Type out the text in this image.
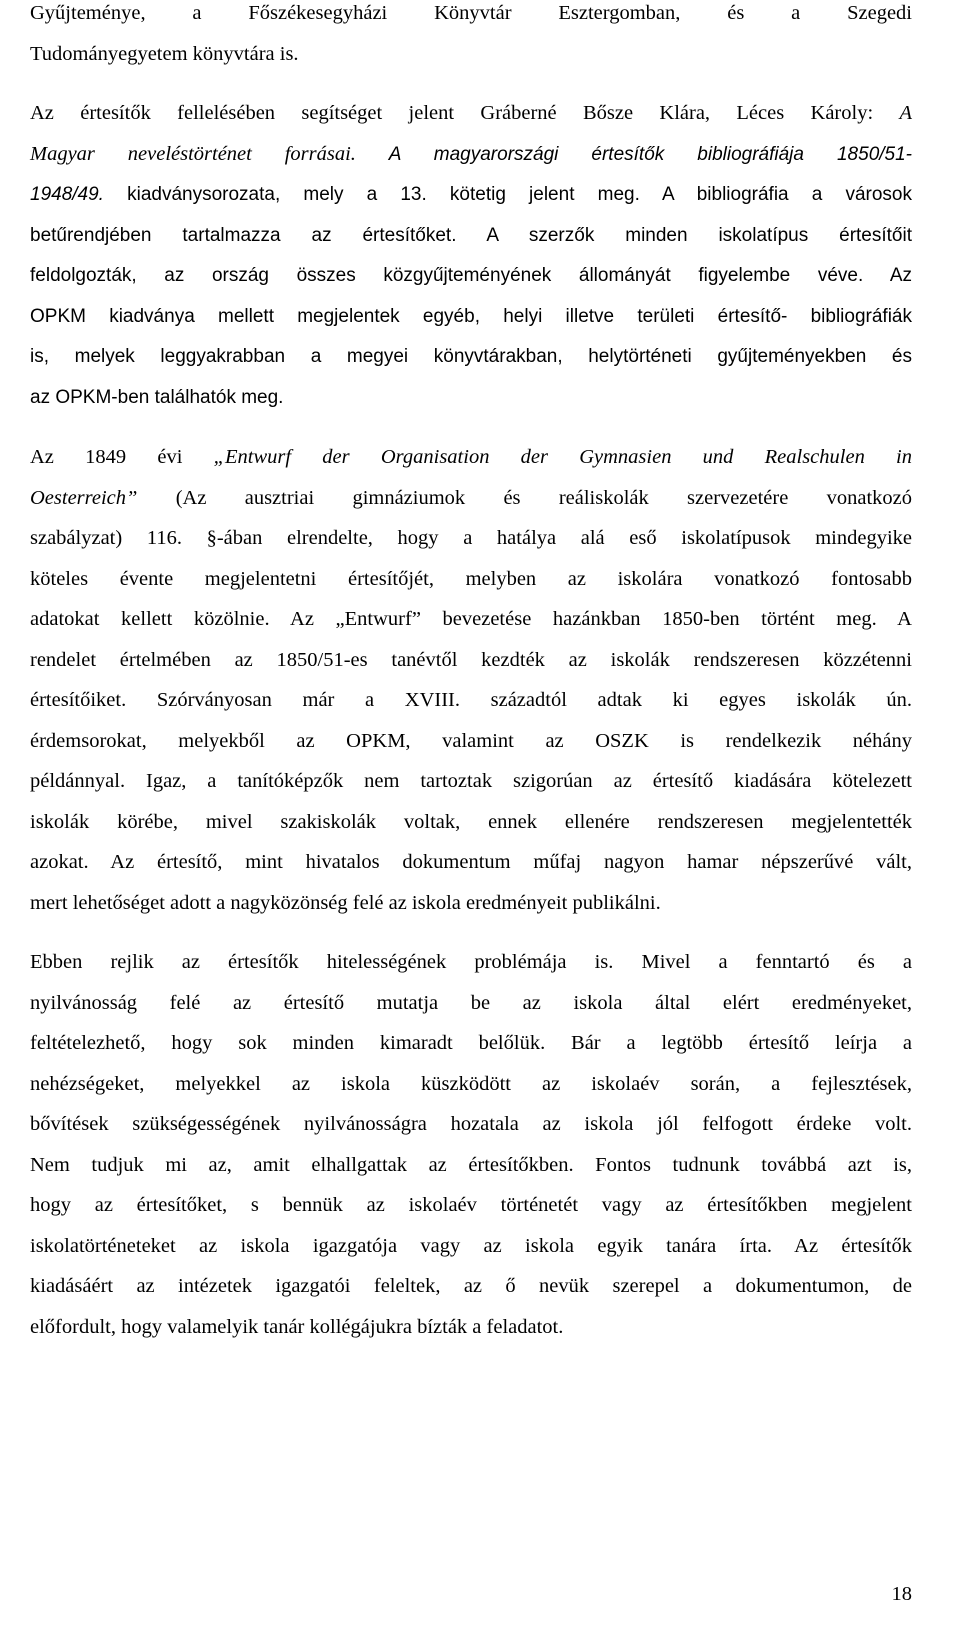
Gyűjteménye, a Főszékesegyházi Könyvtár Esztergomban, és a Szegedi
Tudományegyetem könyvtára is.

Az értesítők fellelésében segítséget jelent Gráberné Bősze Klára, Léces Károly: A
Magyar neveléstörténet forrásai. A magyarországi értesítők bibliográfiája 1850/51-
1948/49. kiadványsorozata, mely a 13. kötetig jelent meg. A bibliográfia a városok
betűrendjében tartalmazza az értesítőket. A szerzők minden iskolatípus értesítőit
feldolgozták, az ország összes közgyűjteményének állományát figyelembe véve. Az
OPKM kiadványa mellett megjelentek egyéb, helyi illetve területi értesítő- bibliográfiák
is, melyek leggyakrabban a megyei könyvtárakban, helytörténeti gyűjteményekben és
az OPKM-ben találhatók meg.

Az 1849 évi „Entwurf der Organisation der Gymnasien und Realschulen in
Oesterreich” (Az ausztriai gimnáziumok és reáliskolák szervezetére vonatkozó
szabályzat) 116. §-ában elrendelte, hogy a hatálya alá eső iskolatípusok mindegyike
köteles évente megjelentetni értesítőjét, melyben az iskolára vonatkozó fontosabb
adatokat kellett közölnie. Az „Entwurf” bevezetése hazánkban 1850-ben történt meg. A
rendelet értelmében az 1850/51-es tanévtől kezdték az iskolák rendszeresen közzétenni
értesítőiket. Szórványosan már a XVIII. századtól adtak ki egyes iskolák ún.
érdemsorokat, melyekből az OPKM, valamint az OSZK is rendelkezik néhány
példánnyal. Igaz, a tanítóképzők nem tartoztak szigorúan az értesítő kiadására kötelezett
iskolák körébe, mivel szakiskolák voltak, ennek ellenére rendszeresen megjelentették
azokat. Az értesítő, mint hivatalos dokumentum műfaj nagyon hamar népszerűvé vált,
mert lehetőséget adott a nagyközönség felé az iskola eredményeit publikálni.

Ebben rejlik az értesítők hitelességének problémája is. Mivel a fenntartó és a
nyilvánosság felé az értesítő mutatja be az iskola által elért eredményeket,
feltételezhető, hogy sok minden kimaradt belőlük. Bár a legtöbb értesítő leírja a
nehézségeket, melyekkel az iskola küszködött az iskolaév során, a fejlesztések,
bővítések szükségességének nyilvánosságra hozatala az iskola jól felfogott érdeke volt.
Nem tudjuk mi az, amit elhallgattak az értesítőkben. Fontos tudnunk továbbá azt is,
hogy az értesítőket, s bennük az iskolaév történetét vagy az értesítőkben megjelent
iskolatörténeteket az iskola igazgatója vagy az iskola egyik tanára írta. Az értesítők
kiadásáért az intézetek igazgatói feleltek, az ő nevük szerepel a dokumentumon, de
előfordult, hogy valamelyik tanár kollégájukra bízták a feladatot.

18
